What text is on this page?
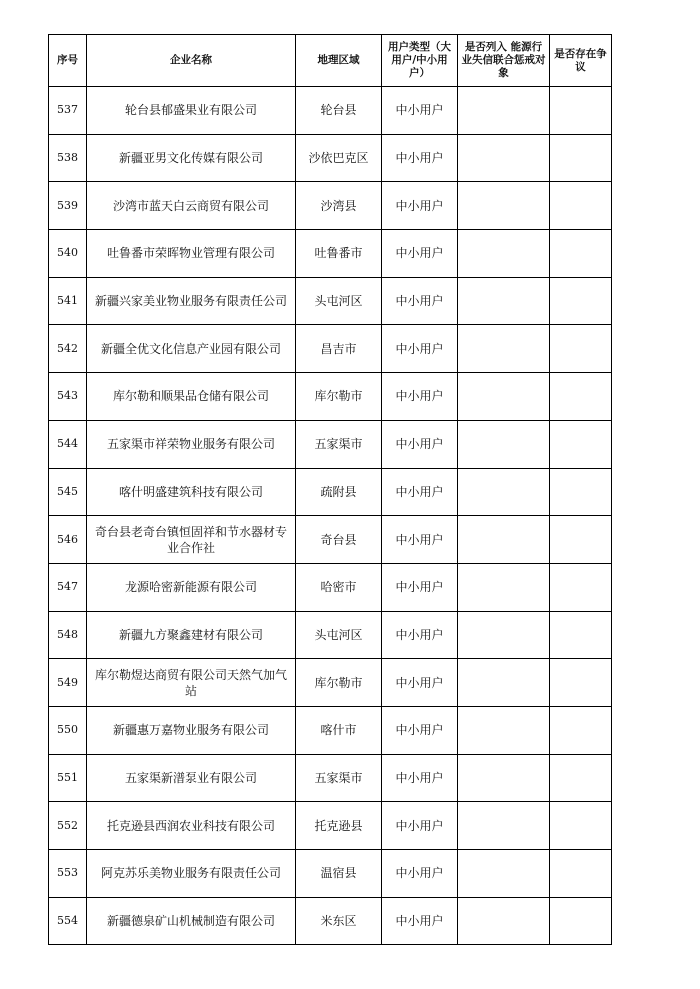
序号	企业名称	地理区域	用户类型（大用户/中小用户）	是否列入 能源行业失信联合惩戒对象	是否存在争议
537	轮台县郁盛果业有限公司	轮台县	中小用户		
538	新疆亚男文化传媒有限公司	沙依巴克区	中小用户		
539	沙湾市蓝天白云商贸有限公司	沙湾县	中小用户		
540	吐鲁番市荣晖物业管理有限公司	吐鲁番市	中小用户		
541	新疆兴家美业物业服务有限责任公司	头屯河区	中小用户		
542	新疆全优文化信息产业园有限公司	昌吉市	中小用户		
543	库尔勒和顺果品仓储有限公司	库尔勒市	中小用户		
544	五家渠市祥荣物业服务有限公司	五家渠市	中小用户		
545	喀什明盛建筑科技有限公司	疏附县	中小用户		
546	奇台县老奇台镇恒固祥和节水器材专业合作社	奇台县	中小用户		
547	龙源哈密新能源有限公司	哈密市	中小用户		
548	新疆九方聚鑫建材有限公司	头屯河区	中小用户		
549	库尔勒煜达商贸有限公司天然气加气站	库尔勒市	中小用户		
550	新疆惠万嘉物业服务有限公司	喀什市	中小用户		
551	五家渠新潽泵业有限公司	五家渠市	中小用户		
552	托克逊县西润农业科技有限公司	托克逊县	中小用户		
553	阿克苏乐美物业服务有限责任公司	温宿县	中小用户		
554	新疆德泉矿山机械制造有限公司	米东区	中小用户		
